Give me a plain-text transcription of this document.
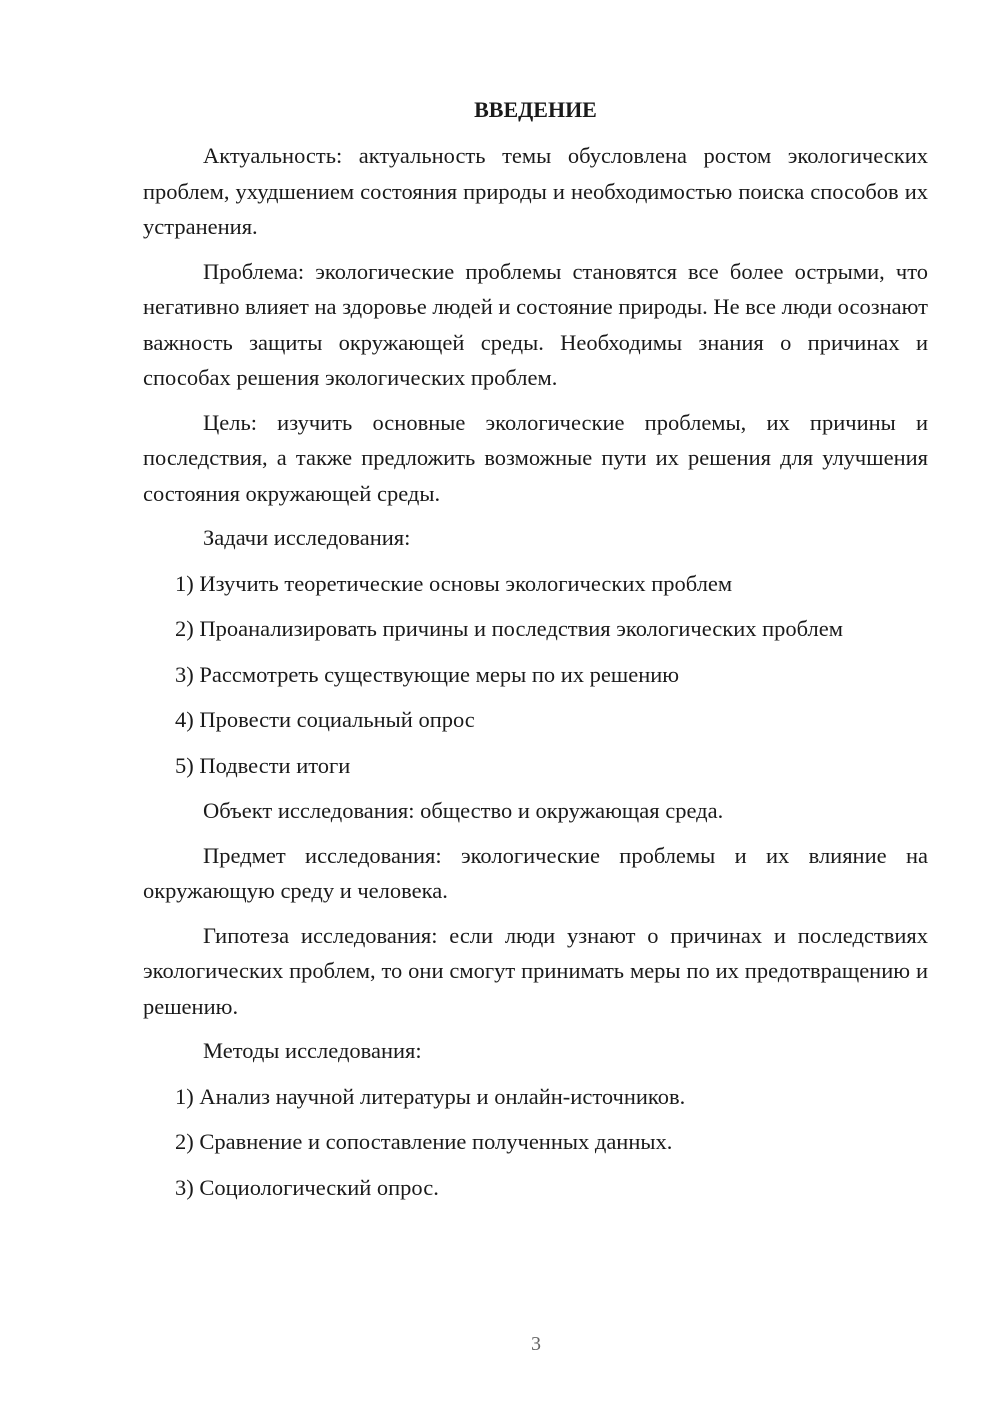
ВВЕДЕНИЕ
Актуальность: актуальность темы обусловлена ростом экологических проблем, ухудшением состояния природы и необходимостью поиска способов их устранения.
Проблема: экологические проблемы становятся все более острыми, что негативно влияет на здоровье людей и состояние природы. Не все люди осознают важность защиты окружающей среды. Необходимы знания о причинах и способах решения экологических проблем.
Цель: изучить основные экологические проблемы, их причины и последствия, а также предложить возможные пути их решения для улучшения состояния окружающей среды.
Задачи исследования:
1) Изучить теоретические основы экологических проблем
2) Проанализировать причины и последствия экологических проблем
3) Рассмотреть существующие меры по их решению
4) Провести социальный опрос
5) Подвести итоги
Объект исследования: общество и окружающая среда.
Предмет исследования: экологические проблемы и их влияние на окружающую среду и человека.
Гипотеза исследования: если люди узнают о причинах и последствиях экологических проблем, то они смогут принимать меры по их предотвращению и решению.
Методы исследования:
1) Анализ научной литературы и онлайн-источников.
2) Сравнение и сопоставление полученных данных.
3) Социологический опрос.
3
